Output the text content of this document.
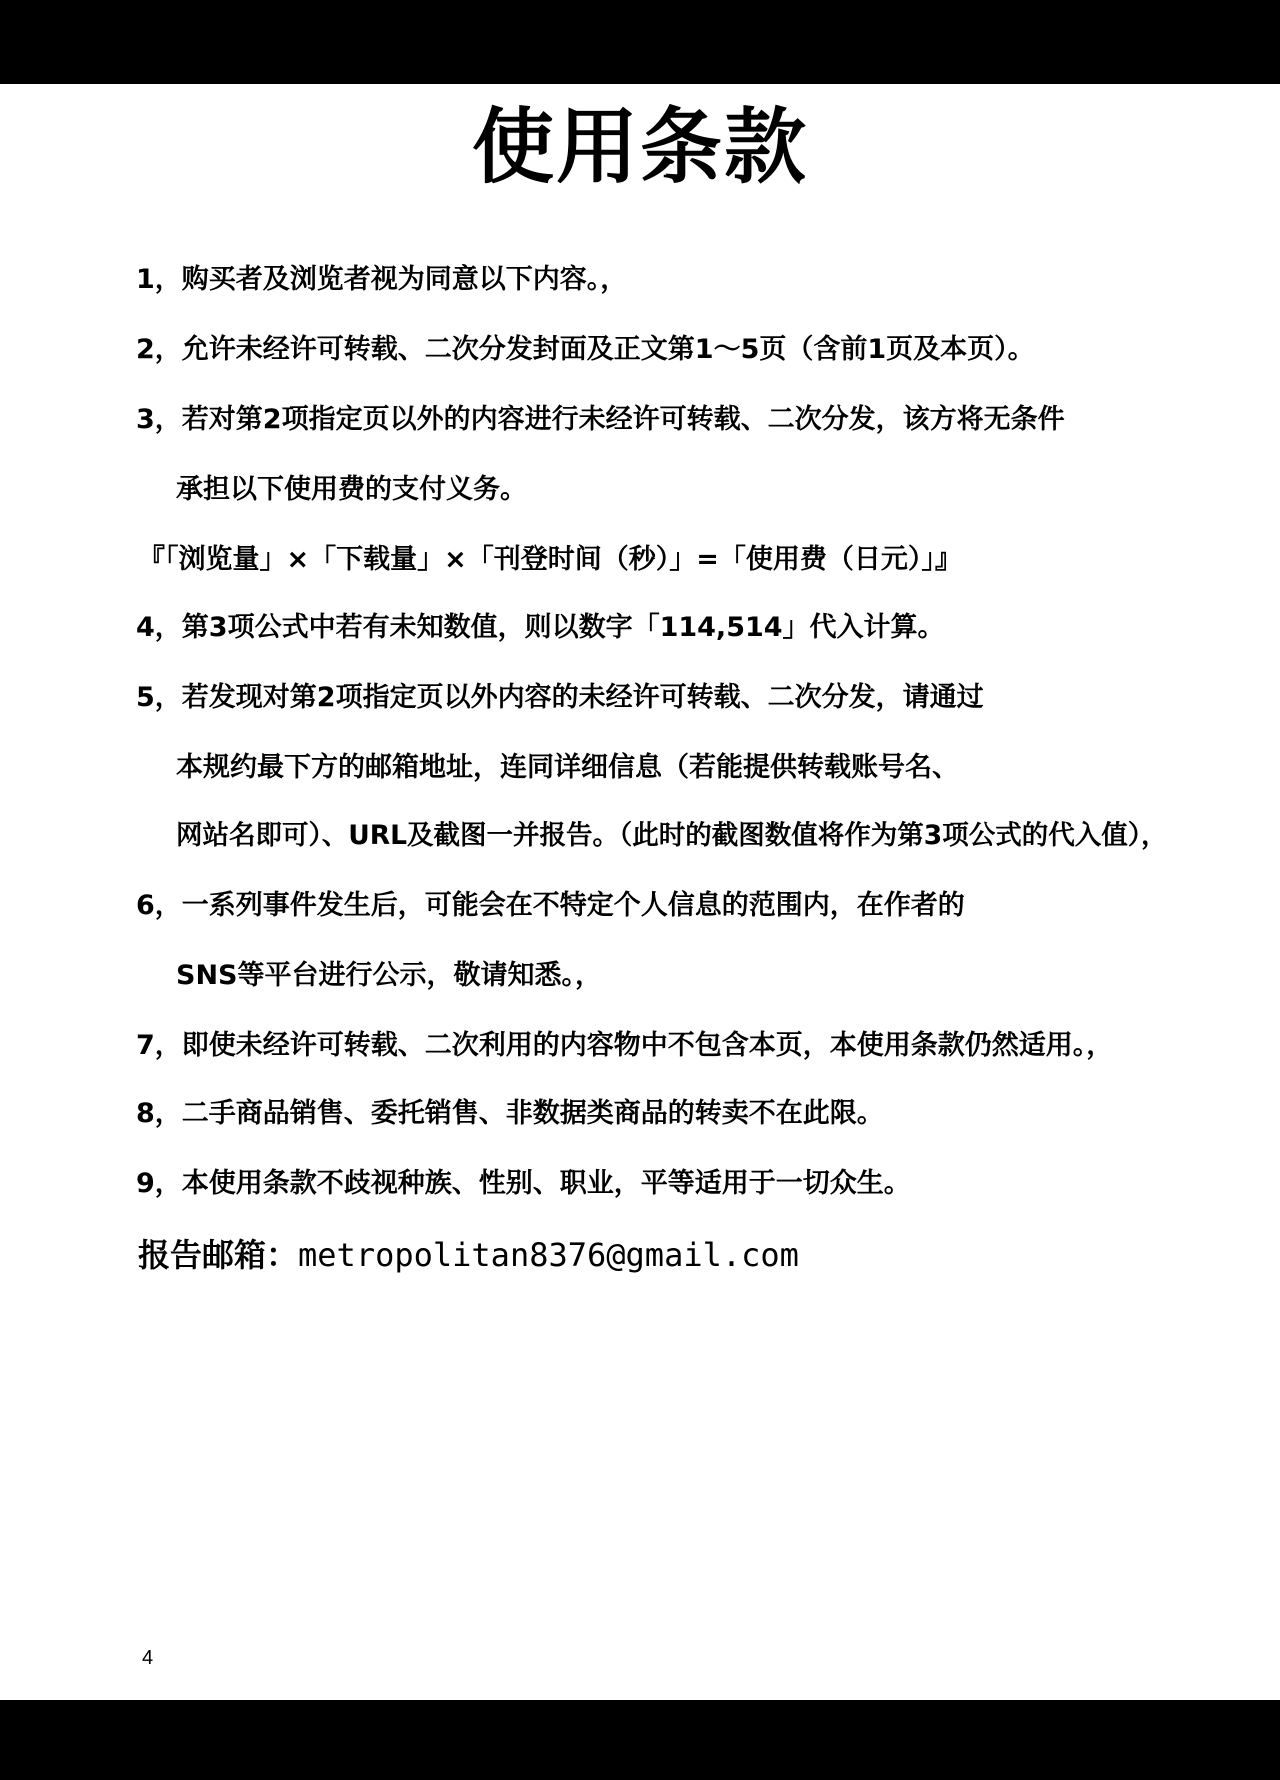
使用条款
1，购买者及浏览者视为同意以下内容。，
2，允许未经许可转载、二次分发封面及正文第1～5页（含前1页及本页）。
3，若对第2项指定页以外的内容进行未经许可转载、二次分发，该方将无条件
承担以下使用费的支付义务。
『「浏览量」×「下载量」×「刊登时间（秒）」=「使用费（日元）」』
4，第3项公式中若有未知数值，则以数字「114,514」代入计算。
5，若发现对第2项指定页以外内容的未经许可转载、二次分发，请通过
本规约最下方的邮箱地址，连同详细信息（若能提供转载账号名、
网站名即可）、URL及截图一并报告。（此时的截图数值将作为第3项公式的代入值），
6，一系列事件发生后，可能会在不特定个人信息的范围内，在作者的
SNS等平台进行公示，敬请知悉。，
7，即使未经许可转载、二次利用的内容物中不包含本页，本使用条款仍然适用。，
8，二手商品销售、委托销售、非数据类商品的转卖不在此限。
9，本使用条款不歧视种族、性别、职业，平等适用于一切众生。
报告邮箱：metropolitan8376@gmail.com
4
